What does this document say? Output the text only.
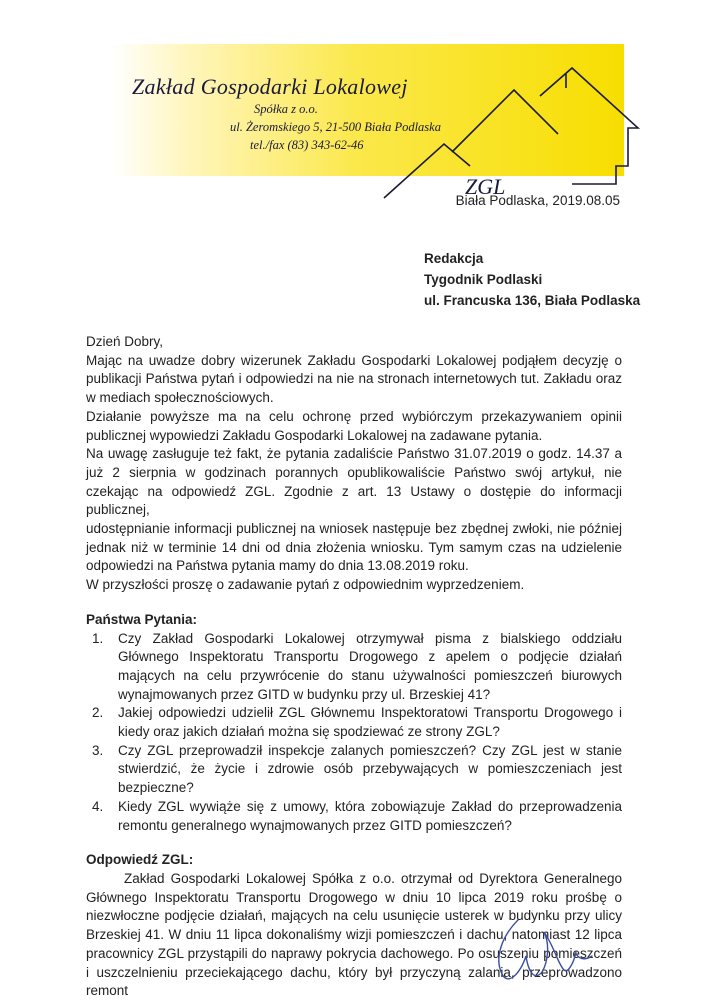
Zakład Gospodarki Lokalowej
Spółka z o.o.
ul. Żeromskiego 5, 21-500 Biała Podlaska
tel./fax (83) 343-62-46
ZGL
Biała Podlaska, 2019.08.05
Redakcja
Tygodnik Podlaski
ul. Francuska 136, Biała Podlaska

Dzień Dobry,

Mając na uwadze dobry wizerunek Zakładu Gospodarki Lokalowej podjąłem decyzję o publikacji Państwa pytań i odpowiedzi na nie na stronach internetowych tut. Zakładu oraz w mediach społecznościowych.

Działanie powyższe ma na celu ochronę przed wybiórczym przekazywaniem opinii publicznej wypowiedzi Zakładu Gospodarki Lokalowej na zadawane pytania.

Na uwagę zasługuje też fakt, że pytania zadaliście Państwo 31.07.2019 o godz. 14.37 a już 2 sierpnia w godzinach porannych opublikowaliście Państwo swój artykuł, nie czekając na odpowiedź ZGL. Zgodnie z art. 13 Ustawy o dostępie do informacji publicznej,

udostępnianie informacji publicznej na wniosek następuje bez zbędnej zwłoki, nie później jednak niż w terminie 14 dni od dnia złożenia wniosku. Tym samym czas na udzielenie odpowiedzi na Państwa pytania mamy do dnia 13.08.2019 roku.

W przyszłości proszę o zadawanie pytań z odpowiednim wyprzedzeniem.

Państwa Pytania:
1. Czy Zakład Gospodarki Lokalowej otrzymywał pisma z bialskiego oddziału Głównego Inspektoratu Transportu Drogowego z apelem o podjęcie działań mających na celu przywrócenie do stanu używalności pomieszczeń biurowych wynajmowanych przez GITD w budynku przy ul. Brzeskiej 41?
2. Jakiej odpowiedzi udzielił ZGL Głównemu Inspektoratowi Transportu Drogowego i kiedy oraz jakich działań można się spodziewać ze strony ZGL?
3. Czy ZGL przeprowadził inspekcje zalanych pomieszczeń? Czy ZGL jest w stanie stwierdzić, że życie i zdrowie osób przebywających w pomieszczeniach jest bezpieczne?
4. Kiedy ZGL wywiąże się z umowy, która zobowiązuje Zakład do przeprowadzenia remontu generalnego wynajmowanych przez GITD pomieszczeń?
Odpowiedź ZGL:

Zakład Gospodarki Lokalowej Spółka z o.o. otrzymał od Dyrektora Generalnego Głównego Inspektoratu Transportu Drogowego w dniu 10 lipca 2019 roku prośbę o niezwłoczne podjęcie działań, mających na celu usunięcie usterek w budynku przy ulicy Brzeskiej 41. W dniu 11 lipca dokonaliśmy wizji pomieszczeń i dachu, natomiast 12 lipca pracownicy ZGL przystąpili do naprawy pokrycia dachowego. Po osuszeniu pomieszczeń i uszczelnieniu przeciekającego dachu, który był przyczyną zalania, przeprowadzono remont
